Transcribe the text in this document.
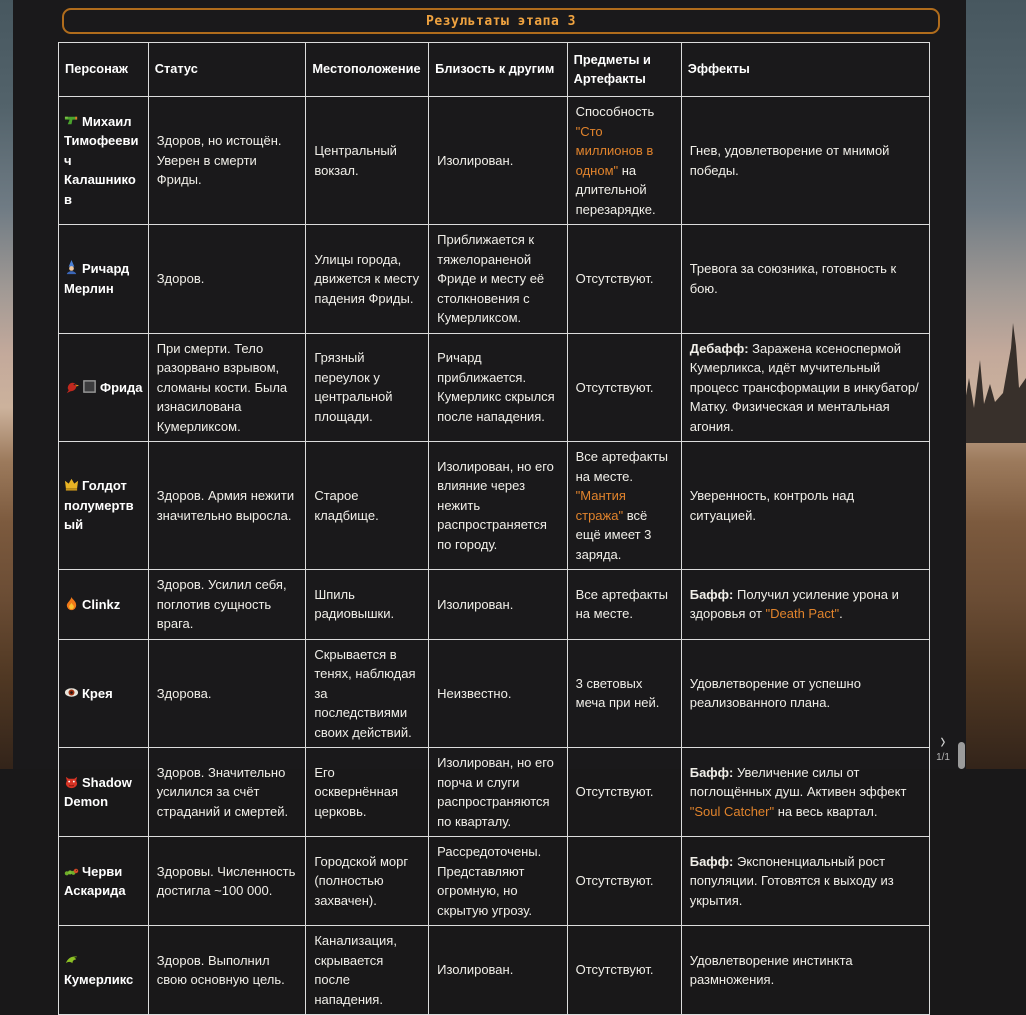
Результаты этапа 3
Персонаж	Статус	Местоположение	Близость к другим	Предметы и Артефакты	Эффекты
Михаил Тимофеевич Калашников	Здоров, но истощён. Уверен в смерти Фриды.	Центральный вокзал.	Изолирован.	Способность "Сто миллионов в одном" на длительной перезарядке.	Гнев, удовлетворение от мнимой победы.
Ричард Мерлин	Здоров.	Улицы города, движется к месту падения Фриды.	Приближается к тяжелораненой Фриде и месту её столкновения с Кумерликсом.	Отсутствуют.	Тревога за союзника, готовность к бою.
Фрида	При смерти. Тело разорвано взрывом, сломаны кости. Была изнасилована Кумерликсом.	Грязный переулок у центральной площади.	Ричард приближается. Кумерликс скрылся после нападения.	Отсутствуют.	Дебафф: Заражена ксеноспермой Кумерликса, идёт мучительный процесс трансформации в инкубатор/Матку. Физическая и ментальная агония.
Голдот полумертвый	Здоров. Армия нежити значительно выросла.	Старое кладбище.	Изолирован, но его влияние через нежить распространяется по городу.	Все артефакты на месте. "Мантия стража" всё ещё имеет 3 заряда.	Уверенность, контроль над ситуацией.
Clinkz	Здоров. Усилил себя, поглотив сущность врага.	Шпиль радиовышки.	Изолирован.	Все артефакты на месте.	Бафф: Получил усиление урона и здоровья от "Death Pact".
Крея	Здорова.	Скрывается в тенях, наблюдая за последствиями своих действий.	Неизвестно.	3 световых меча при ней.	Удовлетворение от успешно реализованного плана.
Shadow Demon	Здоров. Значительно усилился за счёт страданий и смертей.	Его осквернённая церковь.	Изолирован, но его порча и слуги распространяются по кварталу.	Отсутствуют.	Бафф: Увеличение силы от поглощённых душ. Активен эффект "Soul Catcher" на весь квартал.
Черви Аскарида	Здоровы. Численность достигла ~100 000.	Городской морг (полностью захвачен).	Рассредоточены. Представляют огромную, но скрытую угрозу.	Отсутствуют.	Бафф: Экспоненциальный рост популяции. Готовятся к выходу из укрытия.
Кумерликс	Здоров. Выполнил свою основную цель.	Канализация, скрывается после нападения.	Изолирован.	Отсутствуют.	Удовлетворение инстинкта размножения.
›
1/1
